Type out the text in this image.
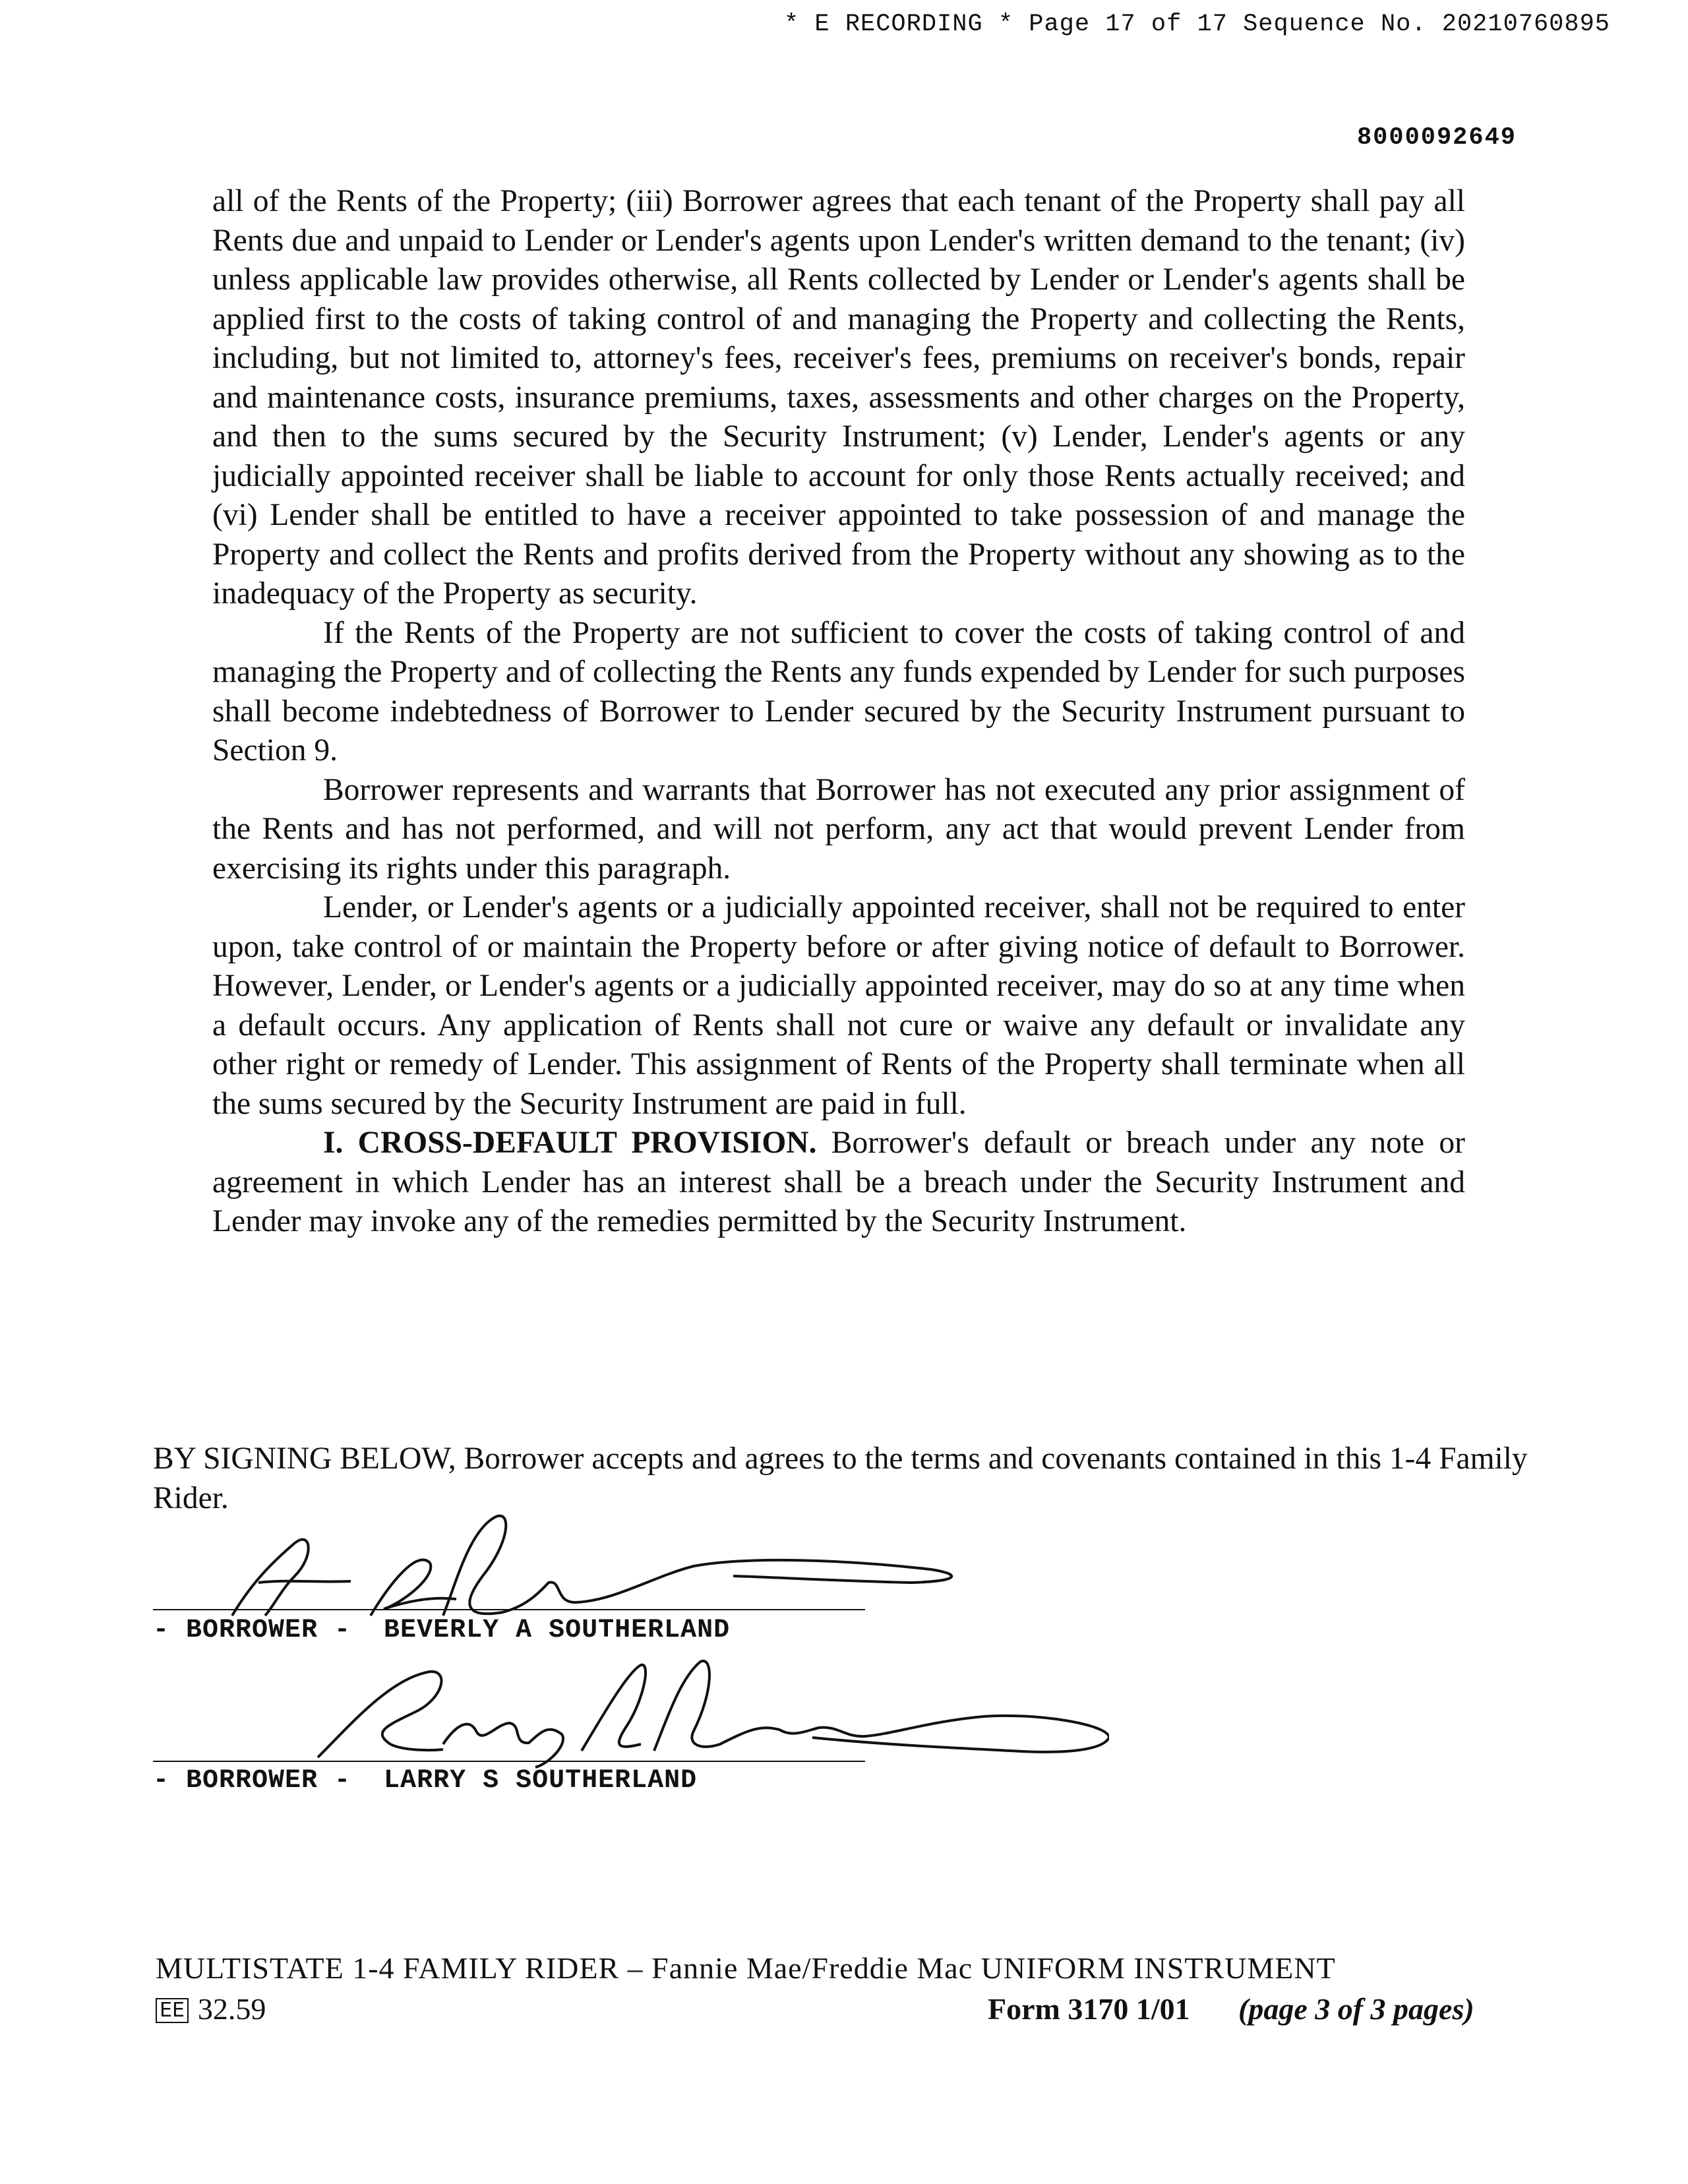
* E RECORDING * Page 17 of 17 Sequence No. 20210760895
8000092649

all of the Rents of the Property; (iii) Borrower agrees that each tenant of the Property shall pay all Rents due and unpaid to Lender or Lender's agents upon Lender's written demand to the tenant; (iv) unless applicable law provides otherwise, all Rents collected by Lender or Lender's agents shall be applied first to the costs of taking control of and managing the Property and collecting the Rents, including, but not limited to, attorney's fees, receiver's fees, premiums on receiver's bonds, repair and maintenance costs, insurance premiums, taxes, assessments and other charges on the Property, and then to the sums secured by the Security Instrument; (v) Lender, Lender's agents or any judicially appointed receiver shall be liable to account for only those Rents actually received; and (vi) Lender shall be entitled to have a receiver appointed to take possession of and manage the Property and collect the Rents and profits derived from the Property without any showing as to the inadequacy of the Property as security.

If the Rents of the Property are not sufficient to cover the costs of taking control of and managing the Property and of collecting the Rents any funds expended by Lender for such purposes shall become indebtedness of Borrower to Lender secured by the Security Instrument pursuant to Section 9.

Borrower represents and warrants that Borrower has not executed any prior assignment of the Rents and has not performed, and will not perform, any act that would prevent Lender from exercising its rights under this paragraph.

Lender, or Lender's agents or a judicially appointed receiver, shall not be required to enter upon, take control of or maintain the Property before or after giving notice of default to Borrower. However, Lender, or Lender's agents or a judicially appointed receiver, may do so at any time when a default occurs. Any application of Rents shall not cure or waive any default or invalidate any other right or remedy of Lender. This assignment of Rents of the Property shall terminate when all the sums secured by the Security Instrument are paid in full.

I. CROSS-DEFAULT PROVISION. Borrower's default or breach under any note or agreement in which Lender has an interest shall be a breach under the Security Instrument and Lender may invoke any of the remedies permitted by the Security Instrument.

BY SIGNING BELOW, Borrower accepts and agrees to the terms and covenants contained in this 1-4 Family Rider.
- BORROWER -  BEVERLY A SOUTHERLAND
- BORROWER -  LARRY S SOUTHERLAND
MULTISTATE 1-4 FAMILY RIDER – Fannie Mae/Freddie Mac UNIFORM INSTRUMENT
EE 32.59	Form 3170 1/01 (page 3 of 3 pages)
